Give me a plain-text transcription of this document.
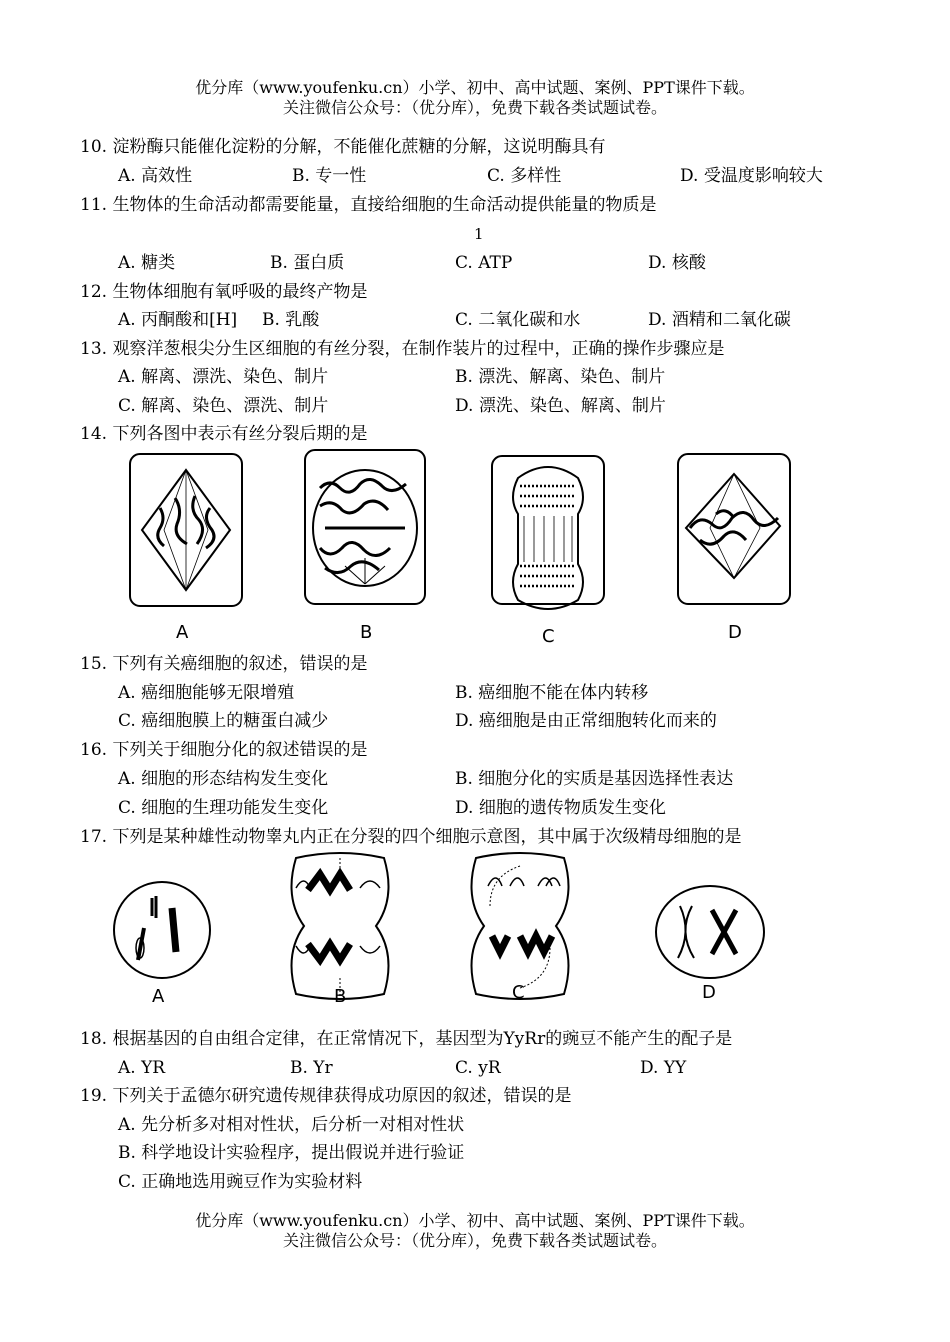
优分库（www.youfenku.cn）小学、初中、高中试题、案例、PPT课件下载。
关注微信公众号：（优分库），免费下载各类试题试卷。
10. 淀粉酶只能催化淀粉的分解，不能催化蔗糖的分解，这说明酶具有
A. 高效性	B. 专一性	C. 多样性	D. 受温度影响较大
11. 生物体的生命活动都需要能量，直接给细胞的生命活动提供能量的物质是
1
A. 糖类	B. 蛋白质	C. ATP	D. 核酸
12. 生物体细胞有氧呼吸的最终产物是
A. 丙酮酸和[H] B. 乳酸	C. 二氧化碳和水	D. 酒精和二氧化碳
13. 观察洋葱根尖分生区细胞的有丝分裂，在制作装片的过程中，正确的操作步骤应是
A. 解离、漂洗、染色、制片	B. 漂洗、解离、染色、制片
C. 解离、染色、漂洗、制片	D. 漂洗、染色、解离、制片
14. 下列各图中表示有丝分裂后期的是
A	B	C	D
15. 下列有关癌细胞的叙述，错误的是
A. 癌细胞能够无限增殖	B. 癌细胞不能在体内转移
C. 癌细胞膜上的糖蛋白减少	D. 癌细胞是由正常细胞转化而来的
16. 下列关于细胞分化的叙述错误的是
A. 细胞的形态结构发生变化	B. 细胞分化的实质是基因选择性表达
C. 细胞的生理功能发生变化	D. 细胞的遗传物质发生变化
17. 下列是某种雄性动物睾丸内正在分裂的四个细胞示意图，其中属于次级精母细胞的是
A	B	C	D
18. 根据基因的自由组合定律，在正常情况下，基因型为YyRr的豌豆不能产生的配子是
A. YR	B. Yr	C. yR	D. YY
19. 下列关于孟德尔研究遗传规律获得成功原因的叙述，错误的是
A. 先分析多对相对性状，后分析一对相对性状
B. 科学地设计实验程序，提出假说并进行验证
C. 正确地选用豌豆作为实验材料
优分库（www.youfenku.cn）小学、初中、高中试题、案例、PPT课件下载。
关注微信公众号：（优分库），免费下载各类试题试卷。
